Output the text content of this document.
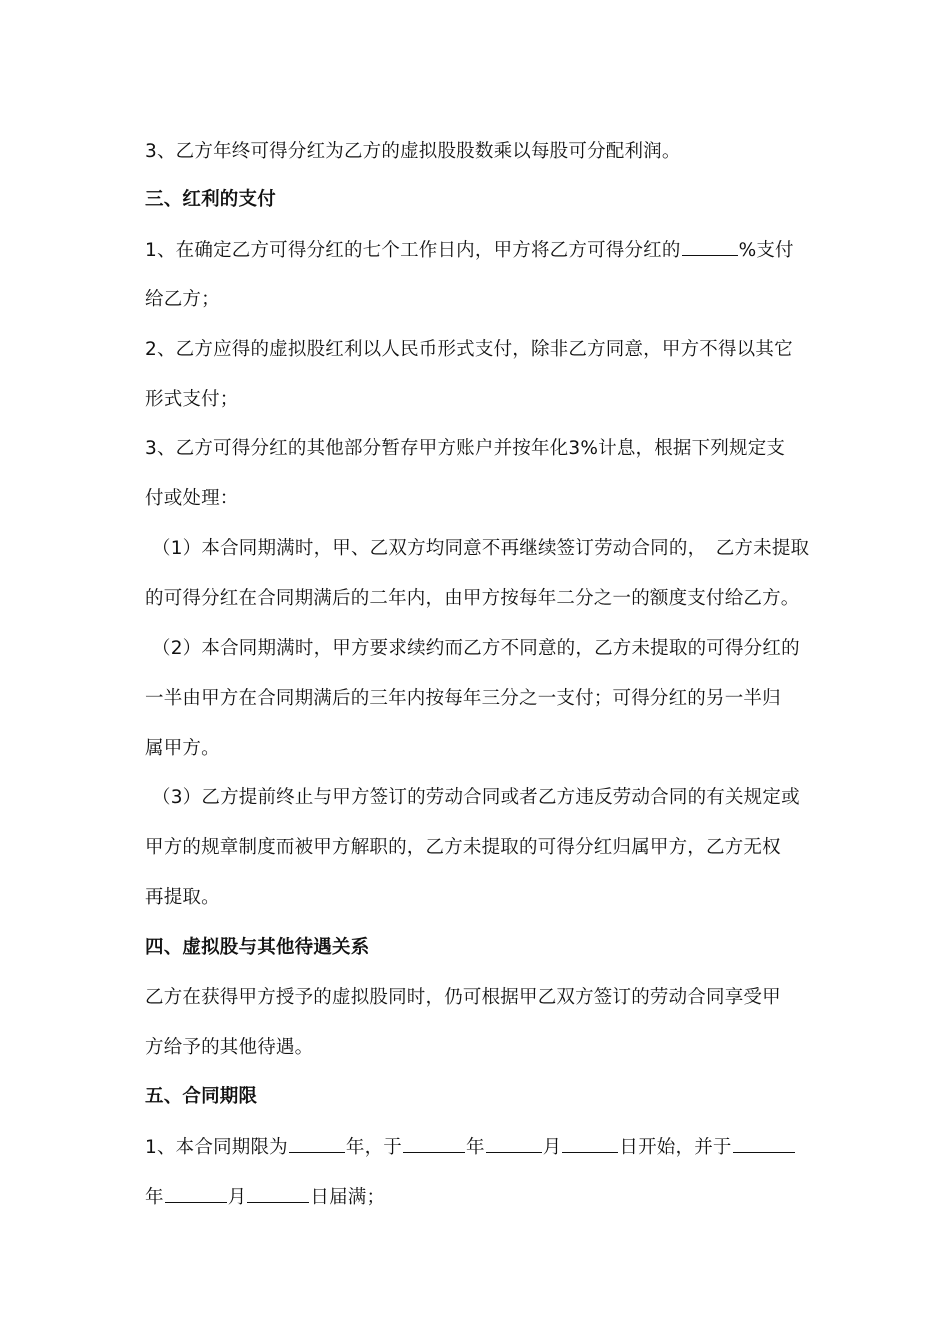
3、乙方年终可得分红为乙方的虚拟股股数乘以每股可分配利润。
三、红利的支付
1、在确定乙方可得分红的七个工作日内，甲方将乙方可得分红的	%支付
给乙方；
2、乙方应得的虚拟股红利以人民币形式支付，除非乙方同意，甲方不得以其它
形式支付；
3、乙方可得分红的其他部分暂存甲方账户并按年化3%计息，根据下列规定支
付或处理：
（1）本合同期满时，甲、乙双方均同意不再继续签订劳动合同的，　乙方未提取
的可得分红在合同期满后的二年内，由甲方按每年二分之一的额度支付给乙方。
（2）本合同期满时，甲方要求续约而乙方不同意的，乙方未提取的可得分红的
一半由甲方在合同期满后的三年内按每年三分之一支付；可得分红的另一半归
属甲方。
（3）乙方提前终止与甲方签订的劳动合同或者乙方违反劳动合同的有关规定或
甲方的规章制度而被甲方解职的，乙方未提取的可得分红归属甲方，乙方无权
再提取。
四、虚拟股与其他待遇关系
乙方在获得甲方授予的虚拟股同时，仍可根据甲乙双方签订的劳动合同享受甲
方给予的其他待遇。
五、合同期限
1、本合同期限为	年，于	年	月	日开始，并于
年	月	日届满；
